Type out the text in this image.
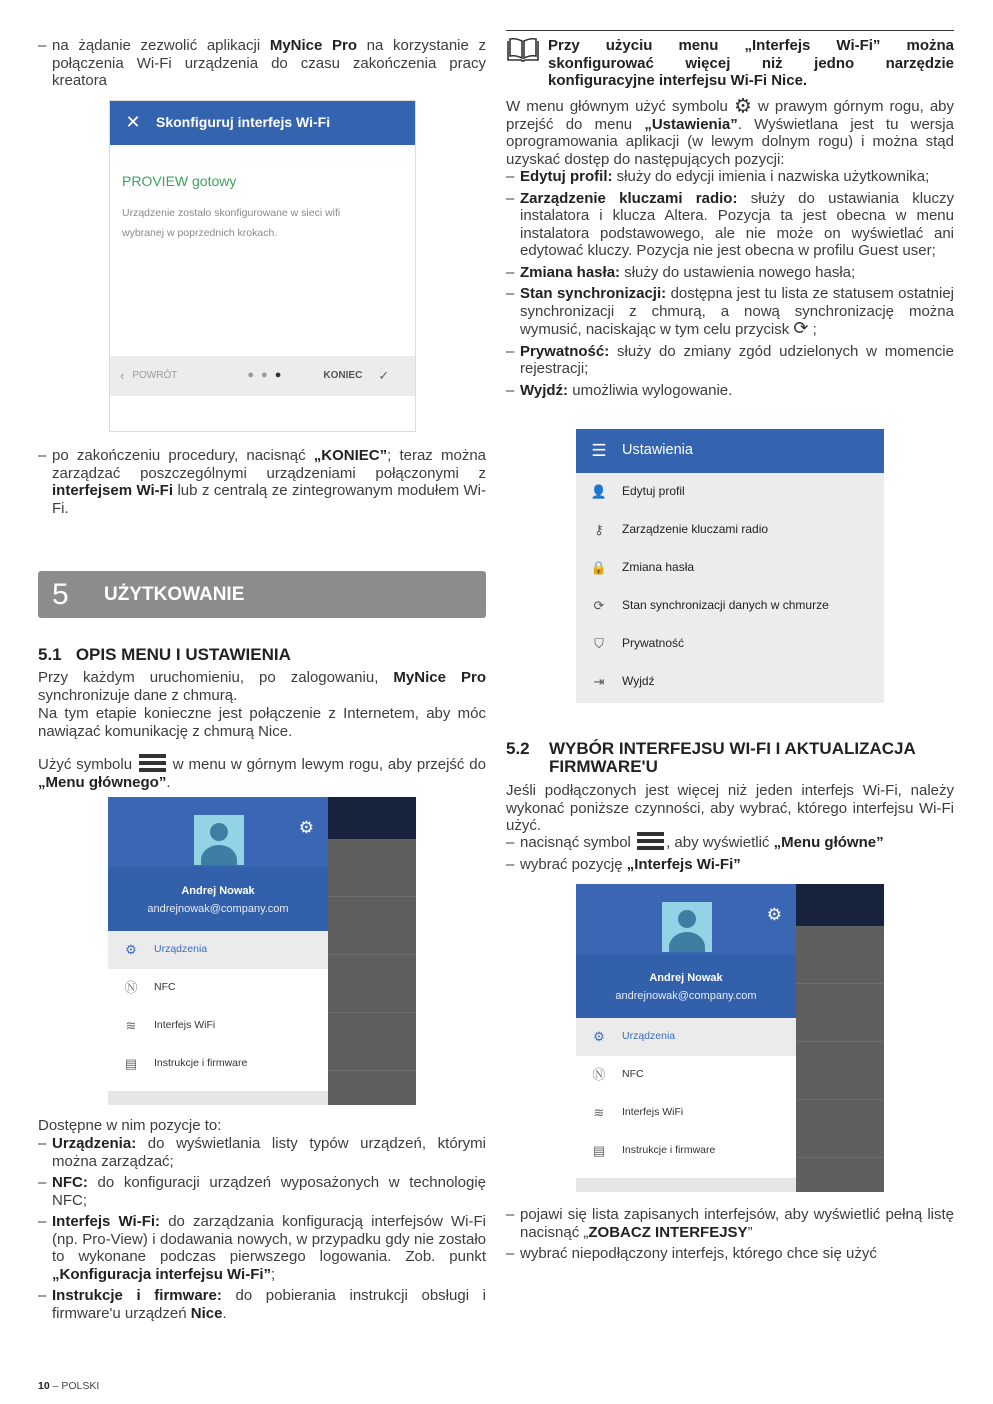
– na żądanie zezwolić aplikacji MyNice Pro na korzystanie z połączenia Wi-Fi urządzenia do czasu zakończenia pracy kreatora
✕	Skonfiguruj interfejs Wi-Fi
PROVIEW gotowy
Urządzenie zostało skonfigurowane w sieci wifi wybranej w poprzednich krokach.
‹ POWRÓT	● ● ●	KONIEC ✓
– po zakończeniu procedury, nacisnąć „KONIEC”; teraz można zarządzać poszczególnymi urządzeniami połączonymi z interfejsem Wi-Fi lub z centralą ze zintegrowanym modułem Wi-Fi.
5	UŻYTKOWANIE
5.1 OPIS MENU I USTAWIENIA

Przy każdym uruchomieniu, po zalogowaniu, MyNice Pro synchronizuje dane z chmurą.

Na tym etapie konieczne jest połączenie z Internetem, aby móc nawiązać komunikację z chmurą Nice.

Użyć symbolu
w menu w górnym lewym rogu, aby przejść do „Menu głównego”.

⚙
Andrej Nowak
andrejnowak@company.com
⚙	Urządzenia
Ⓝ	NFC
≋	Interfejs WiFi
▤	Instrukcje i firmware

Dostępne w nim pozycje to:

– Urządzenia: do wyświetlania listy typów urządzeń, którymi można zarządzać;
– NFC: do konfiguracji urządzeń wyposażonych w technologię NFC;
– Interfejs Wi-Fi: do zarządzania konfiguracją interfejsów Wi-Fi (np. Pro-View) i dodawania nowych, w przypadku gdy nie zostało to wykonane podczas pierwszego logowania. Zob. punkt „Konfiguracja interfejsu Wi-Fi”;
– Instrukcje i firmware: do pobierania instrukcji obsługi i firmware'u urządzeń Nice.
Przy użyciu menu „Interfejs Wi-Fi” można skonfigurować więcej niż jedno narzędzie konfiguracyjne interfejsu Wi-Fi Nice.

W menu głównym użyć symbolu ⚙ w prawym górnym rogu, aby przejść do menu „Ustawienia”. Wyświetlana jest tu wersja oprogramowania aplikacji (w lewym dolnym rogu) i można stąd uzyskać dostęp do następujących pozycji:

– Edytuj profil: służy do edycji imienia i nazwiska użytkownika;
– Zarządzenie kluczami radio: służy do ustawiania kluczy instalatora i klucza Altera. Pozycja ta jest obecna w menu instalatora podstawowego, ale nie może on wyświetlać ani edytować kluczy. Pozycja nie jest obecna w profilu Guest user;
– Zmiana hasła: służy do ustawienia nowego hasła;
– Stan synchronizacji: dostępna jest tu lista ze statusem ostatniej synchronizacji z chmurą, a nową synchronizację można wymusić, naciskając w tym celu przycisk ⟳ ;
– Prywatność: służy do zmiany zgód udzielonych w momencie rejestracji;
– Wyjdź: umożliwia wylogowanie.
☰	Ustawienia
👤	Edytuj profil
⚷	Zarządzenie kluczami radio
🔒	Zmiana hasła
⟳	Stan synchronizacji danych w chmurze
⛉	Prywatność
⇥	Wyjdź
5.2 WYBÓR INTERFEJSU WI-FI I AKTUALIZACJA FIRMWARE'U

Jeśli podłączonych jest więcej niż jeden interfejs Wi-Fi, należy wykonać poniższe czynności, aby wybrać, którego interfejsu Wi-Fi użyć.

– nacisnąć symbol
, aby wyświetlić „Menu główne”
– wybrać pozycję „Interfejs Wi-Fi”
⚙
Andrej Nowak
andrejnowak@company.com
⚙	Urządzenia
Ⓝ	NFC
≋	Interfejs WiFi
▤	Instrukcje i firmware
– pojawi się lista zapisanych interfejsów, aby wyświetlić pełną listę nacisnąć „ZOBACZ INTERFEJSY”
– wybrać niepodłączony interfejs, którego chce się użyć
10 – POLSKI
